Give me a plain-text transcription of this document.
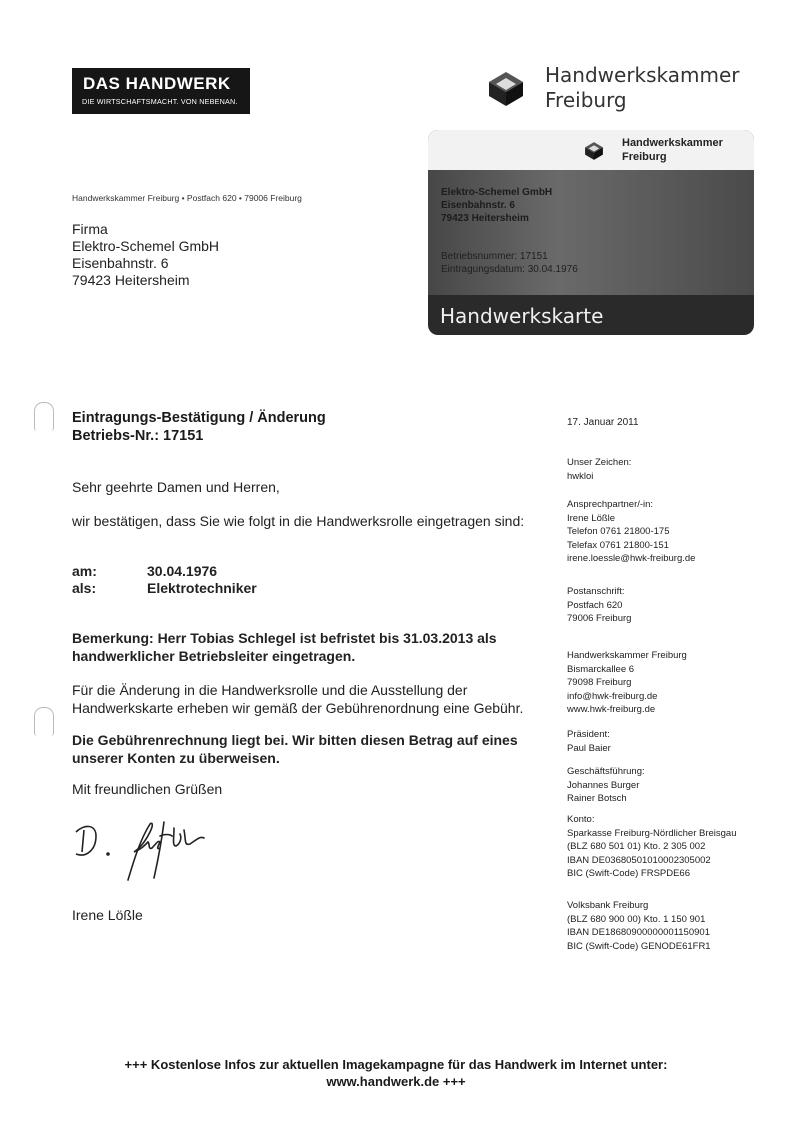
DAS HANDWERK
DIE WIRTSCHAFTSMACHT. VON NEBENAN.
Handwerkskammer
Freiburg
Handwerkskammer
Freiburg
Elektro-Schemel GmbH
Eisenbahnstr. 6
79423 Heitersheim
Betriebsnummer: 17151
Eintragungsdatum: 30.04.1976
Handwerkskarte
Handwerkskammer Freiburg • Postfach 620 • 79006 Freiburg
Firma
Elektro-Schemel GmbH
Eisenbahnstr. 6
79423 Heitersheim
Eintragungs-Bestätigung / Änderung
Betriebs-Nr.: 17151
17. Januar 2011
Sehr geehrte Damen und Herren,
wir bestätigen, dass Sie wie folgt in die Handwerksrolle eingetragen sind:
am:	30.04.1976
als:	Elektrotechniker
Bemerkung: Herr Tobias Schlegel ist befristet bis 31.03.2013 als
handwerklicher Betriebsleiter eingetragen.
Für die Änderung in die Handwerksrolle und die Ausstellung der
Handwerkskarte erheben wir gemäß der Gebührenordnung eine Gebühr.
Die Gebührenrechnung liegt bei. Wir bitten diesen Betrag auf eines
unserer Konten zu überweisen.
Mit freundlichen Grüßen
Irene Lößle
Unser Zeichen:
hwkloi
Ansprechpartner/-in:
Irene Lößle
Telefon 0761 21800-175
Telefax 0761 21800-151
irene.loessle@hwk-freiburg.de
Postanschrift:
Postfach 620
79006 Freiburg
Handwerkskammer Freiburg
Bismarckallee 6
79098 Freiburg
info@hwk-freiburg.de
www.hwk-freiburg.de
Präsident:
Paul Baier
Geschäftsführung:
Johannes Burger
Rainer Botsch
Konto:
Sparkasse Freiburg-Nördlicher Breisgau
(BLZ 680 501 01) Kto. 2 305 002
IBAN DE03680501010002305002
BIC (Swift-Code) FRSPDE66
Volksbank Freiburg
(BLZ 680 900 00) Kto. 1 150 901
IBAN DE18680900000001150901
BIC (Swift-Code) GENODE61FR1
+++ Kostenlose Infos zur aktuellen Imagekampagne für das Handwerk im Internet unter:
www.handwerk.de +++
